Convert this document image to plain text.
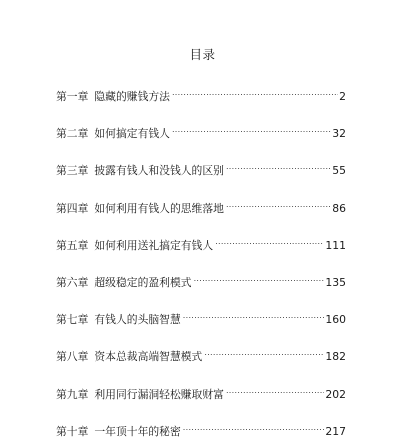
目录
第一章 隐藏的赚钱方法 .....	2
第二章 如何搞定有钱人 .....	32
第三章 披露有钱人和没钱人的区别 .....	55
第四章 如何利用有钱人的思维落地 .....	86
第五章 如何利用送礼搞定有钱人 .....	111
第六章 超级稳定的盈利模式 .....	135
第七章 有钱人的头脑智慧 .....	160
第八章 资本总裁高端智慧模式 .....	182
第九章 利用同行漏洞轻松赚取财富 .....	202
第十章 一年顶十年的秘密 .....	217
